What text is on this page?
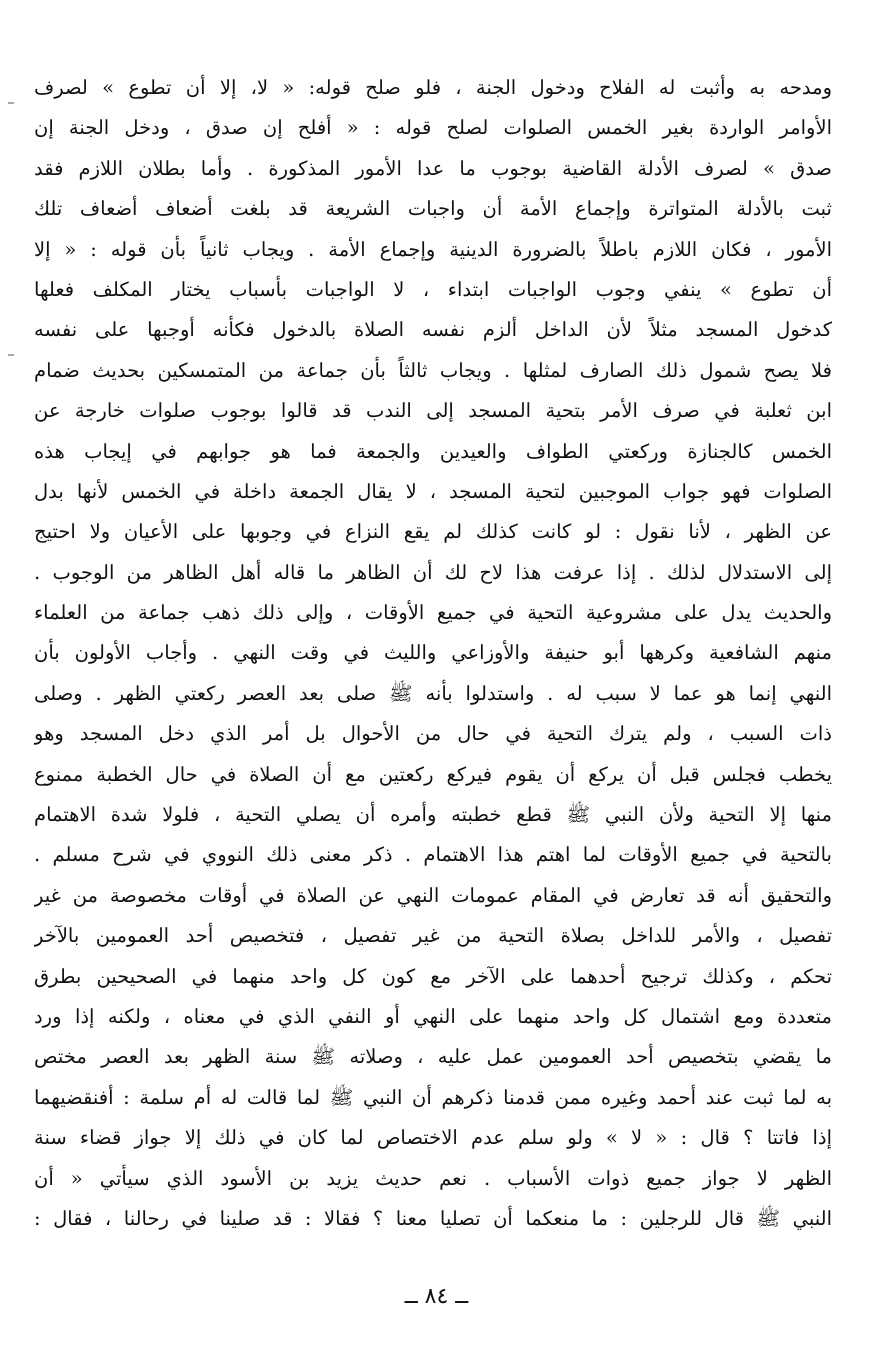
ومدحه به وأثبت له الفلاح ودخول الجنة ، فلو صلح قوله: « لا، إلا أن تطوع » لصرف
الأوامر الواردة بغير الخمس الصلوات لصلح قوله : « أفلح إن صدق ، ودخل الجنة إن
صدق » لصرف الأدلة القاضية بوجوب ما عدا الأمور المذكورة . وأما بطلان اللازم فقد
ثبت بالأدلة المتواترة وإجماع الأمة أن واجبات الشريعة قد بلغت أضعاف أضعاف تلك
الأمور ، فكان اللازم باطلاً بالضرورة الدينية وإجماع الأمة . ويجاب ثانياً بأن قوله : « إلا
أن تطوع » ينفي وجوب الواجبات ابتداء ، لا الواجبات بأسباب يختار المكلف فعلها
كدخول المسجد مثلاً لأن الداخل ألزم نفسه الصلاة بالدخول فكأنه أوجبها على نفسه
فلا يصح شمول ذلك الصارف لمثلها . ويجاب ثالثاً بأن جماعة من المتمسكين بحديث ضمام
ابن ثعلبة في صرف الأمر بتحية المسجد إلى الندب قد قالوا بوجوب صلوات خارجة عن
الخمس كالجنازة وركعتي الطواف والعيدين والجمعة فما هو جوابهم في إيجاب هذه
الصلوات فهو جواب الموجبين لتحية المسجد ، لا يقال الجمعة داخلة في الخمس لأنها بدل
عن الظهر ، لأنا نقول : لو كانت كذلك لم يقع النزاع في وجوبها على الأعيان ولا احتيج
إلى الاستدلال لذلك . إذا عرفت هذا لاح لك أن الظاهر ما قاله أهل الظاهر من الوجوب .
والحديث يدل على مشروعية التحية في جميع الأوقات ، وإلى ذلك ذهب جماعة من العلماء
منهم الشافعية وكرهها أبو حنيفة والأوزاعي والليث في وقت النهي . وأجاب الأولون بأن
النهي إنما هو عما لا سبب له . واستدلوا بأنه ﷺ صلى بعد العصر ركعتي الظهر . وصلى
ذات السبب ، ولم يترك التحية في حال من الأحوال بل أمر الذي دخل المسجد وهو
يخطب فجلس قبل أن يركع أن يقوم فيركع ركعتين مع أن الصلاة في حال الخطبة ممنوع
منها إلا التحية ولأن النبي ﷺ قطع خطبته وأمره أن يصلي التحية ، فلولا شدة الاهتمام
بالتحية في جميع الأوقات لما اهتم هذا الاهتمام . ذكر معنى ذلك النووي في شرح مسلم .
والتحقيق أنه قد تعارض في المقام عمومات النهي عن الصلاة في أوقات مخصوصة من غير
تفصيل ، والأمر للداخل بصلاة التحية من غير تفصيل ، فتخصيص أحد العمومين بالآخر
تحكم ، وكذلك ترجيح أحدهما على الآخر مع كون كل واحد منهما في الصحيحين بطرق
متعددة ومع اشتمال كل واحد منهما على النهي أو النفي الذي في معناه ، ولكنه إذا ورد
ما يقضي بتخصيص أحد العمومين عمل عليه ، وصلاته ﷺ سنة الظهر بعد العصر مختص
به لما ثبت عند أحمد وغيره ممن قدمنا ذكرهم أن النبي ﷺ لما قالت له أم سلمة : أفنقضيهما
إذا فاتتا ؟ قال : « لا » ولو سلم عدم الاختصاص لما كان في ذلك إلا جواز قضاء سنة
الظهر لا جواز جميع ذوات الأسباب . نعم حديث يزيد بن الأسود الذي سيأتي « أن
النبي ﷺ قال للرجلين : ما منعكما أن تصليا معنا ؟ فقالا : قد صلينا في رحالنا ، فقال :
ــ ٨٤ ــ
